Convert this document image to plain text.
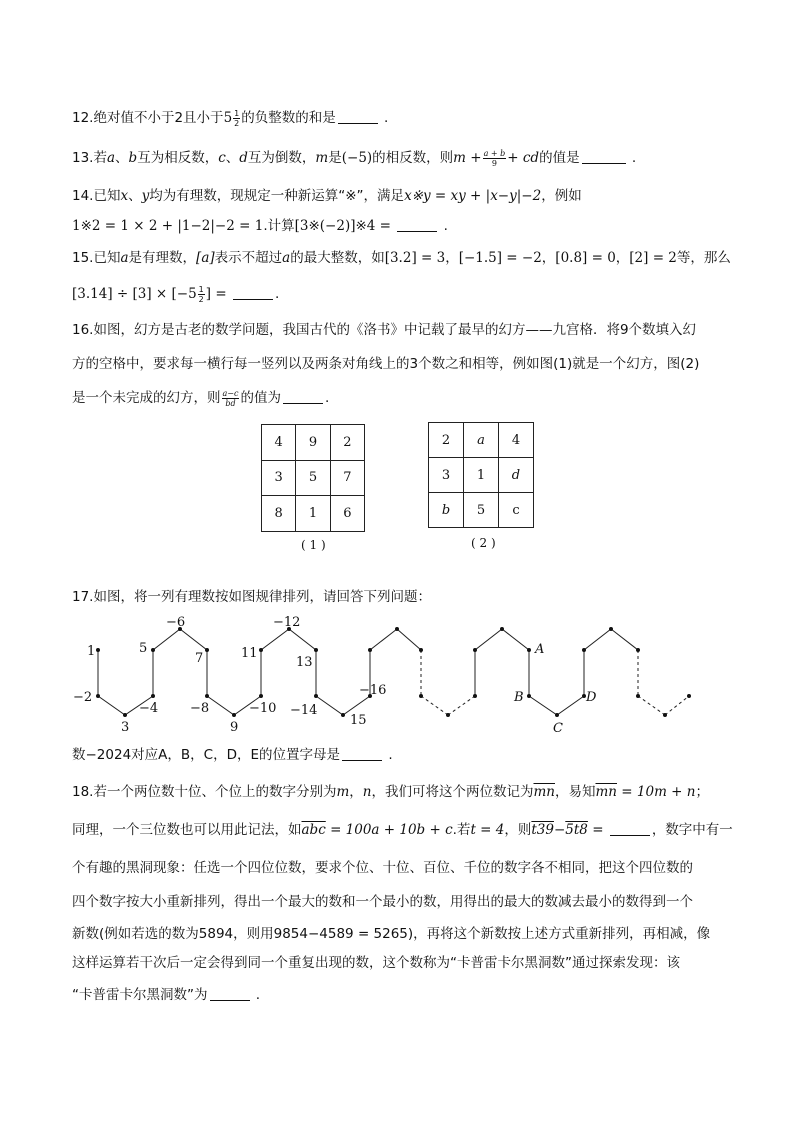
12.绝对值不小于2且小于$5 \frac{1}{2}$ 的负整数的和是	.
13.若a、b互为相反数，c、d互为倒数，m是(−5)的相反数，则$m + \frac{a + b}{9}$ + cd的值是	.
14.已知x、y均为有理数，现规定一种新运算“※”，满足x※y = xy + |x−y|−2，例如
1※2 = 1 × 2 + |1−2|−2 = 1.计算[3※(−2)]※4 =	.
15.已知a是有理数，[a]表示不超过a的最大整数，如[3.2] = 3，[−1.5] = −2，[0.8] = 0，[2] = 2等，那么
$[3.14] \div [3] \times [-5 \frac{1}{2}$ ] =	.
16.如图，幻方是古老的数学问题，我国古代的《洛书》中记载了最早的幻方——九宫格．将9个数填入幻
方的空格中，要求每一横行每一竖列以及两条对角线上的3个数之和相等，例如图(1)就是一个幻方，图(2)
是一个未完成的幻方，则 $\frac{a-c}{bd}$ 的值为	.
4	9	2
3	5	7
8	1	6
2	a	4
3	1	d
b	5	c
( 1 )	( 2 )
17.如图，将一列有理数按如图规律排列，请回答下列问题：
1
−2
3
−4
5
−6
7
−8
9
−10
11
−12
13
−14
15
−16
A
B
C
D
数−2024对应A，B，C，D，E的位置字母是	.
18.若一个两位数十位、个位上的数字分别为m，n，我们可将这个两位数记为$\overline{mn}$，易知$\overline{mn} = 10m + n$；
同理，一个三位数也可以用此记法，如$\overline{abc} = 100a + 10b + c$.若t = 4，则t39−5t8 =	，数字中有一
个有趣的黑洞现象：任选一个四位位数，要求个位、十位、百位、千位的数字各不相同，把这个四位数的
四个数字按大小重新排列，得出一个最大的数和一个最小的数，用得出的最大的数减去最小的数得到一个
新数(例如若选的数为5894，则用9854−4589 = 5265)，再将这个新数按上述方式重新排列，再相减，像
这样运算若干次后一定会得到同一个重复出现的数，这个数称为“卡普雷卡尔黑洞数”通过探索发现：该
“卡普雷卡尔黑洞数”为	.
